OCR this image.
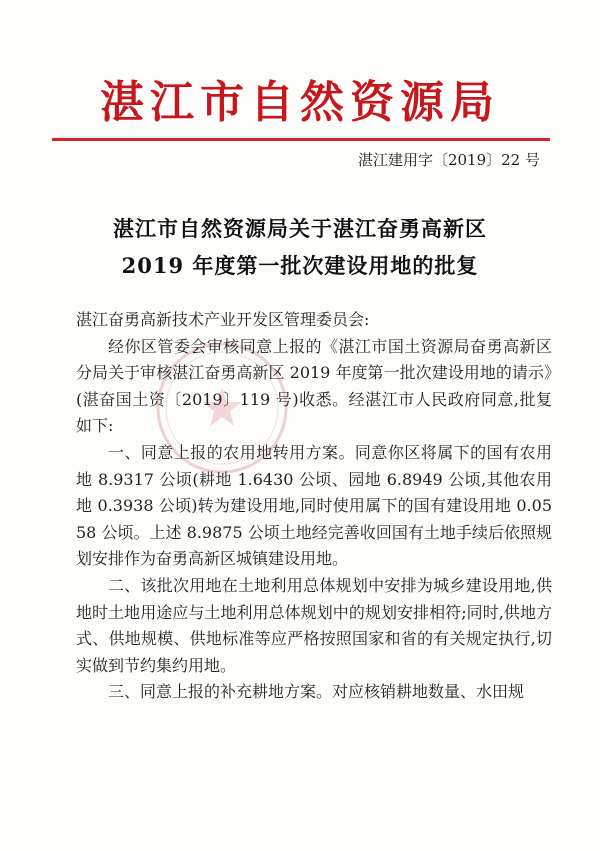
湛江市自然资源局
湛江建用字〔2019〕22 号
湛江市自然资源局关于湛江奋勇高新区
2019 年度第一批次建设用地的批复

湛江奋勇高新技术产业开发区管理委员会:

经你区管委会审核同意上报的《湛江市国土资源局奋勇高新区分局关于审核湛江奋勇高新区 2019 年度第一批次建设用地的请示》(湛奋国土资〔2019〕119 号)收悉。经湛江市人民政府同意,批复如下:

一、同意上报的农用地转用方案。同意你区将属下的国有农用地 8.9317 公顷(耕地 1.6430 公顷、园地 6.8949 公顷,其他农用地 0.3938 公顷)转为建设用地,同时使用属下的国有建设用地 0.0558 公顷。上述 8.9875 公顷土地经完善收回国有土地手续后依照规划安排作为奋勇高新区城镇建设用地。

二、该批次用地在土地利用总体规划中安排为城乡建设用地,供地时土地用途应与土地利用总体规划中的规划安排相符;同时,供地方式、供地规模、供地标准等应严格按照国家和省的有关规定执行,切实做到节约集约用地。

三、同意上报的补充耕地方案。对应核销耕地数量、水田规
